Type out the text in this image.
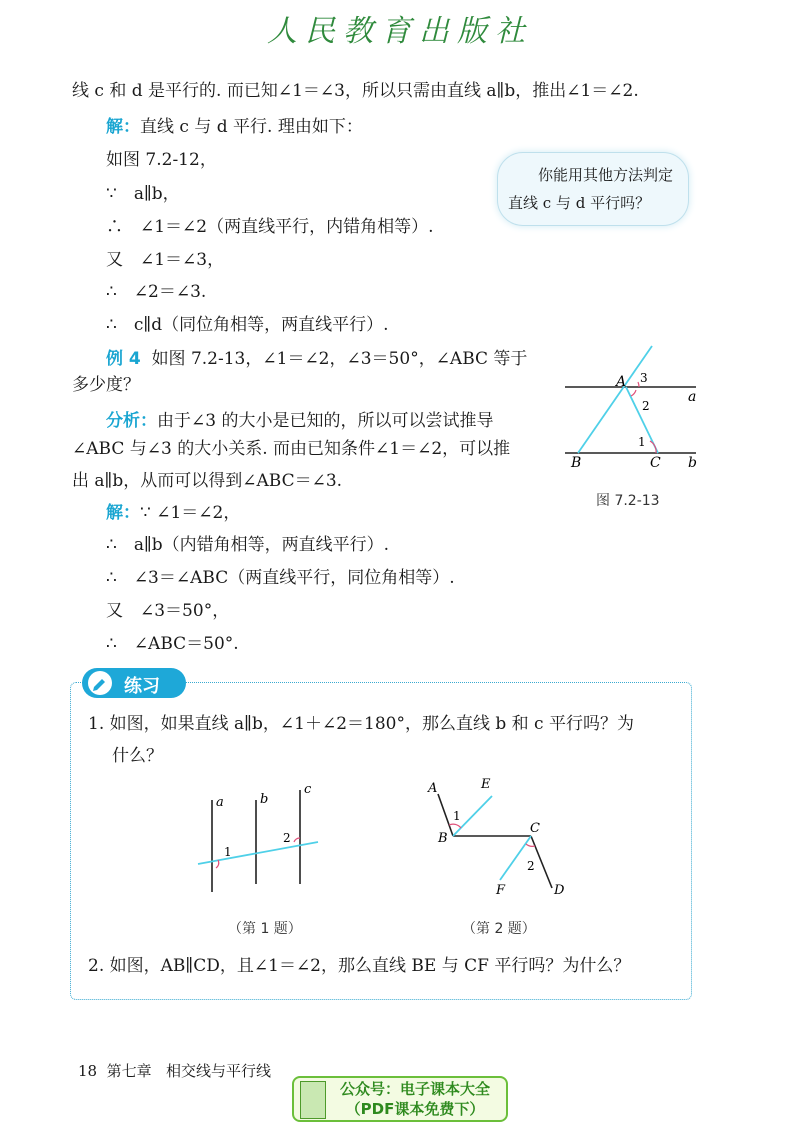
人民教育出版社
线 c 和 d 是平行的. 而已知∠1＝∠3，所以只需由直线 a∥b，推出∠1＝∠2.
解：直线 c 与 d 平行. 理由如下：
如图 7.2-12，
∵　a∥b，
∴　∠1＝∠2（两直线平行，内错角相等）.
又　∠1＝∠3，
∴　∠2＝∠3.
∴　c∥d（同位角相等，两直线平行）.
例 4 如图 7.2-13，∠1＝∠2，∠3＝50°，∠ABC 等于
多少度？
分析：由于∠3 的大小是已知的，所以可以尝试推导
∠ABC 与∠3 的大小关系. 而由已知条件∠1＝∠2，可以推
出 a∥b，从而可以得到∠ABC＝∠3.
解：∵ ∠1＝∠2，
∴　a∥b（内错角相等，两直线平行）.
∴　∠3＝∠ABC（两直线平行，同位角相等）.
又　∠3＝50°，
∴　∠ABC＝50°.
你能用其他方法判定
直线 c 与 d 平行吗？
A 3
2
1
a
b
B	C
图 7.2-13
练习
1. 如图，如果直线 a∥b，∠1＋∠2＝180°，那么直线 b 和 c 平行吗？为
什么？
a	b
c
1
2
（第 1 题）
A	E
1
B
C
2
F	D
（第 2 题）
2. 如图，AB∥CD，且∠1＝∠2，那么直线 BE 与 CF 平行吗？为什么？
18 第七章 相交线与平行线
公众号：电子课本大全
（PDF课本免费下）
